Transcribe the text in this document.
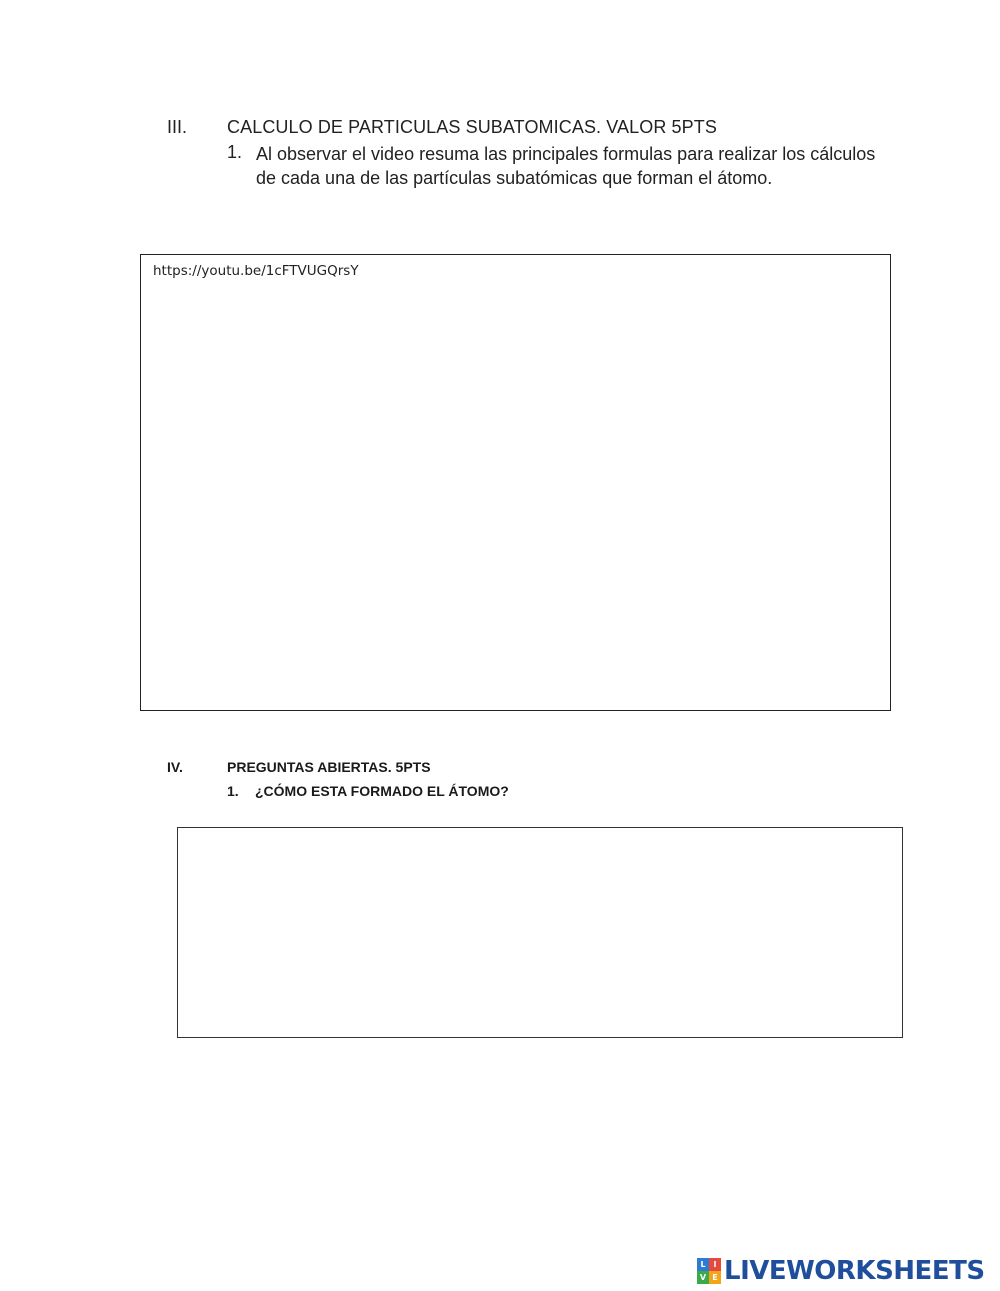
III. CALCULO DE PARTICULAS SUBATOMICAS. VALOR 5PTS
1. Al observar el video resuma las principales formulas para realizar los cálculos de cada una de las partículas subatómicas que forman el átomo.
https://youtu.be/1cFTVUGQrsY
IV.	PREGUNTAS ABIERTAS. 5PTS
1. ¿CÓMO ESTA FORMADO EL ÁTOMO?
L I
V E LIVEWORKSHEETS
